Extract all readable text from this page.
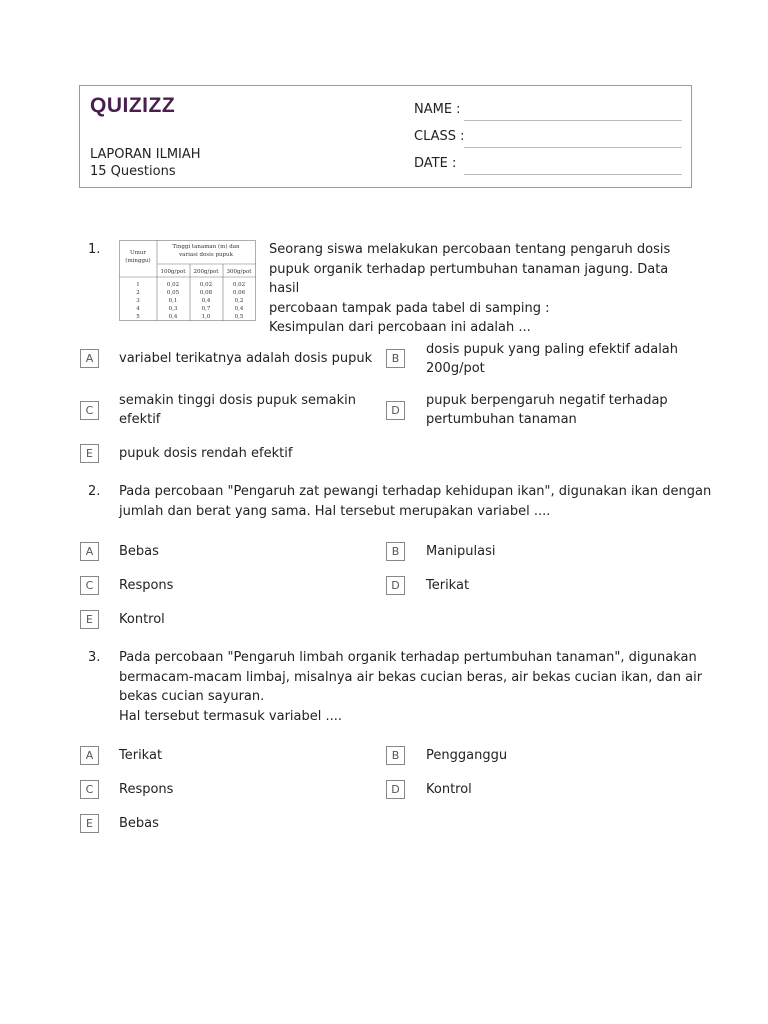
QUIZIZZ
LAPORAN ILMIAH
15 Questions
NAME :
CLASS :
DATE :
1.	Umur
(minggu)
Tinggi tanaman (m) dan
variasi dosis pupuk
100g/pot 200g/pot 300g/pot
1	0,02	0,02	0,02
2	0,05	0,08	0,06
3	0,1	0,4	0,2
4	0,3	0,7	0,4
5	0,4	1,0	0,5
Seorang siswa melakukan percobaan tentang pengaruh dosis
pupuk organik terhadap pertumbuhan tanaman jagung. Data hasil
percobaan tampak pada tabel di samping :
Kesimpulan dari percobaan ini adalah ...
A	variabel terikatnya adalah dosis pupuk	B
dosis pupuk yang paling efektif adalah
200g/pot
C
semakin tinggi dosis pupuk semakin
efektif
D
pupuk berpengaruh negatif terhadap
pertumbuhan tanaman
E	pupuk dosis rendah efektif
2. Pada percobaan "Pengaruh zat pewangi terhadap kehidupan ikan", digunakan ikan dengan
jumlah dan berat yang sama. Hal tersebut merupakan variabel ....
A	Bebas	B	Manipulasi
C	Respons	D	Terikat
E	Kontrol
3. Pada percobaan "Pengaruh limbah organik terhadap pertumbuhan tanaman", digunakan
bermacam-macam limbaj, misalnya air bekas cucian beras, air bekas cucian ikan, dan air
bekas cucian sayuran.
Hal tersebut termasuk variabel ....
A	Terikat	B	Pengganggu
C	Respons	D	Kontrol
E	Bebas
